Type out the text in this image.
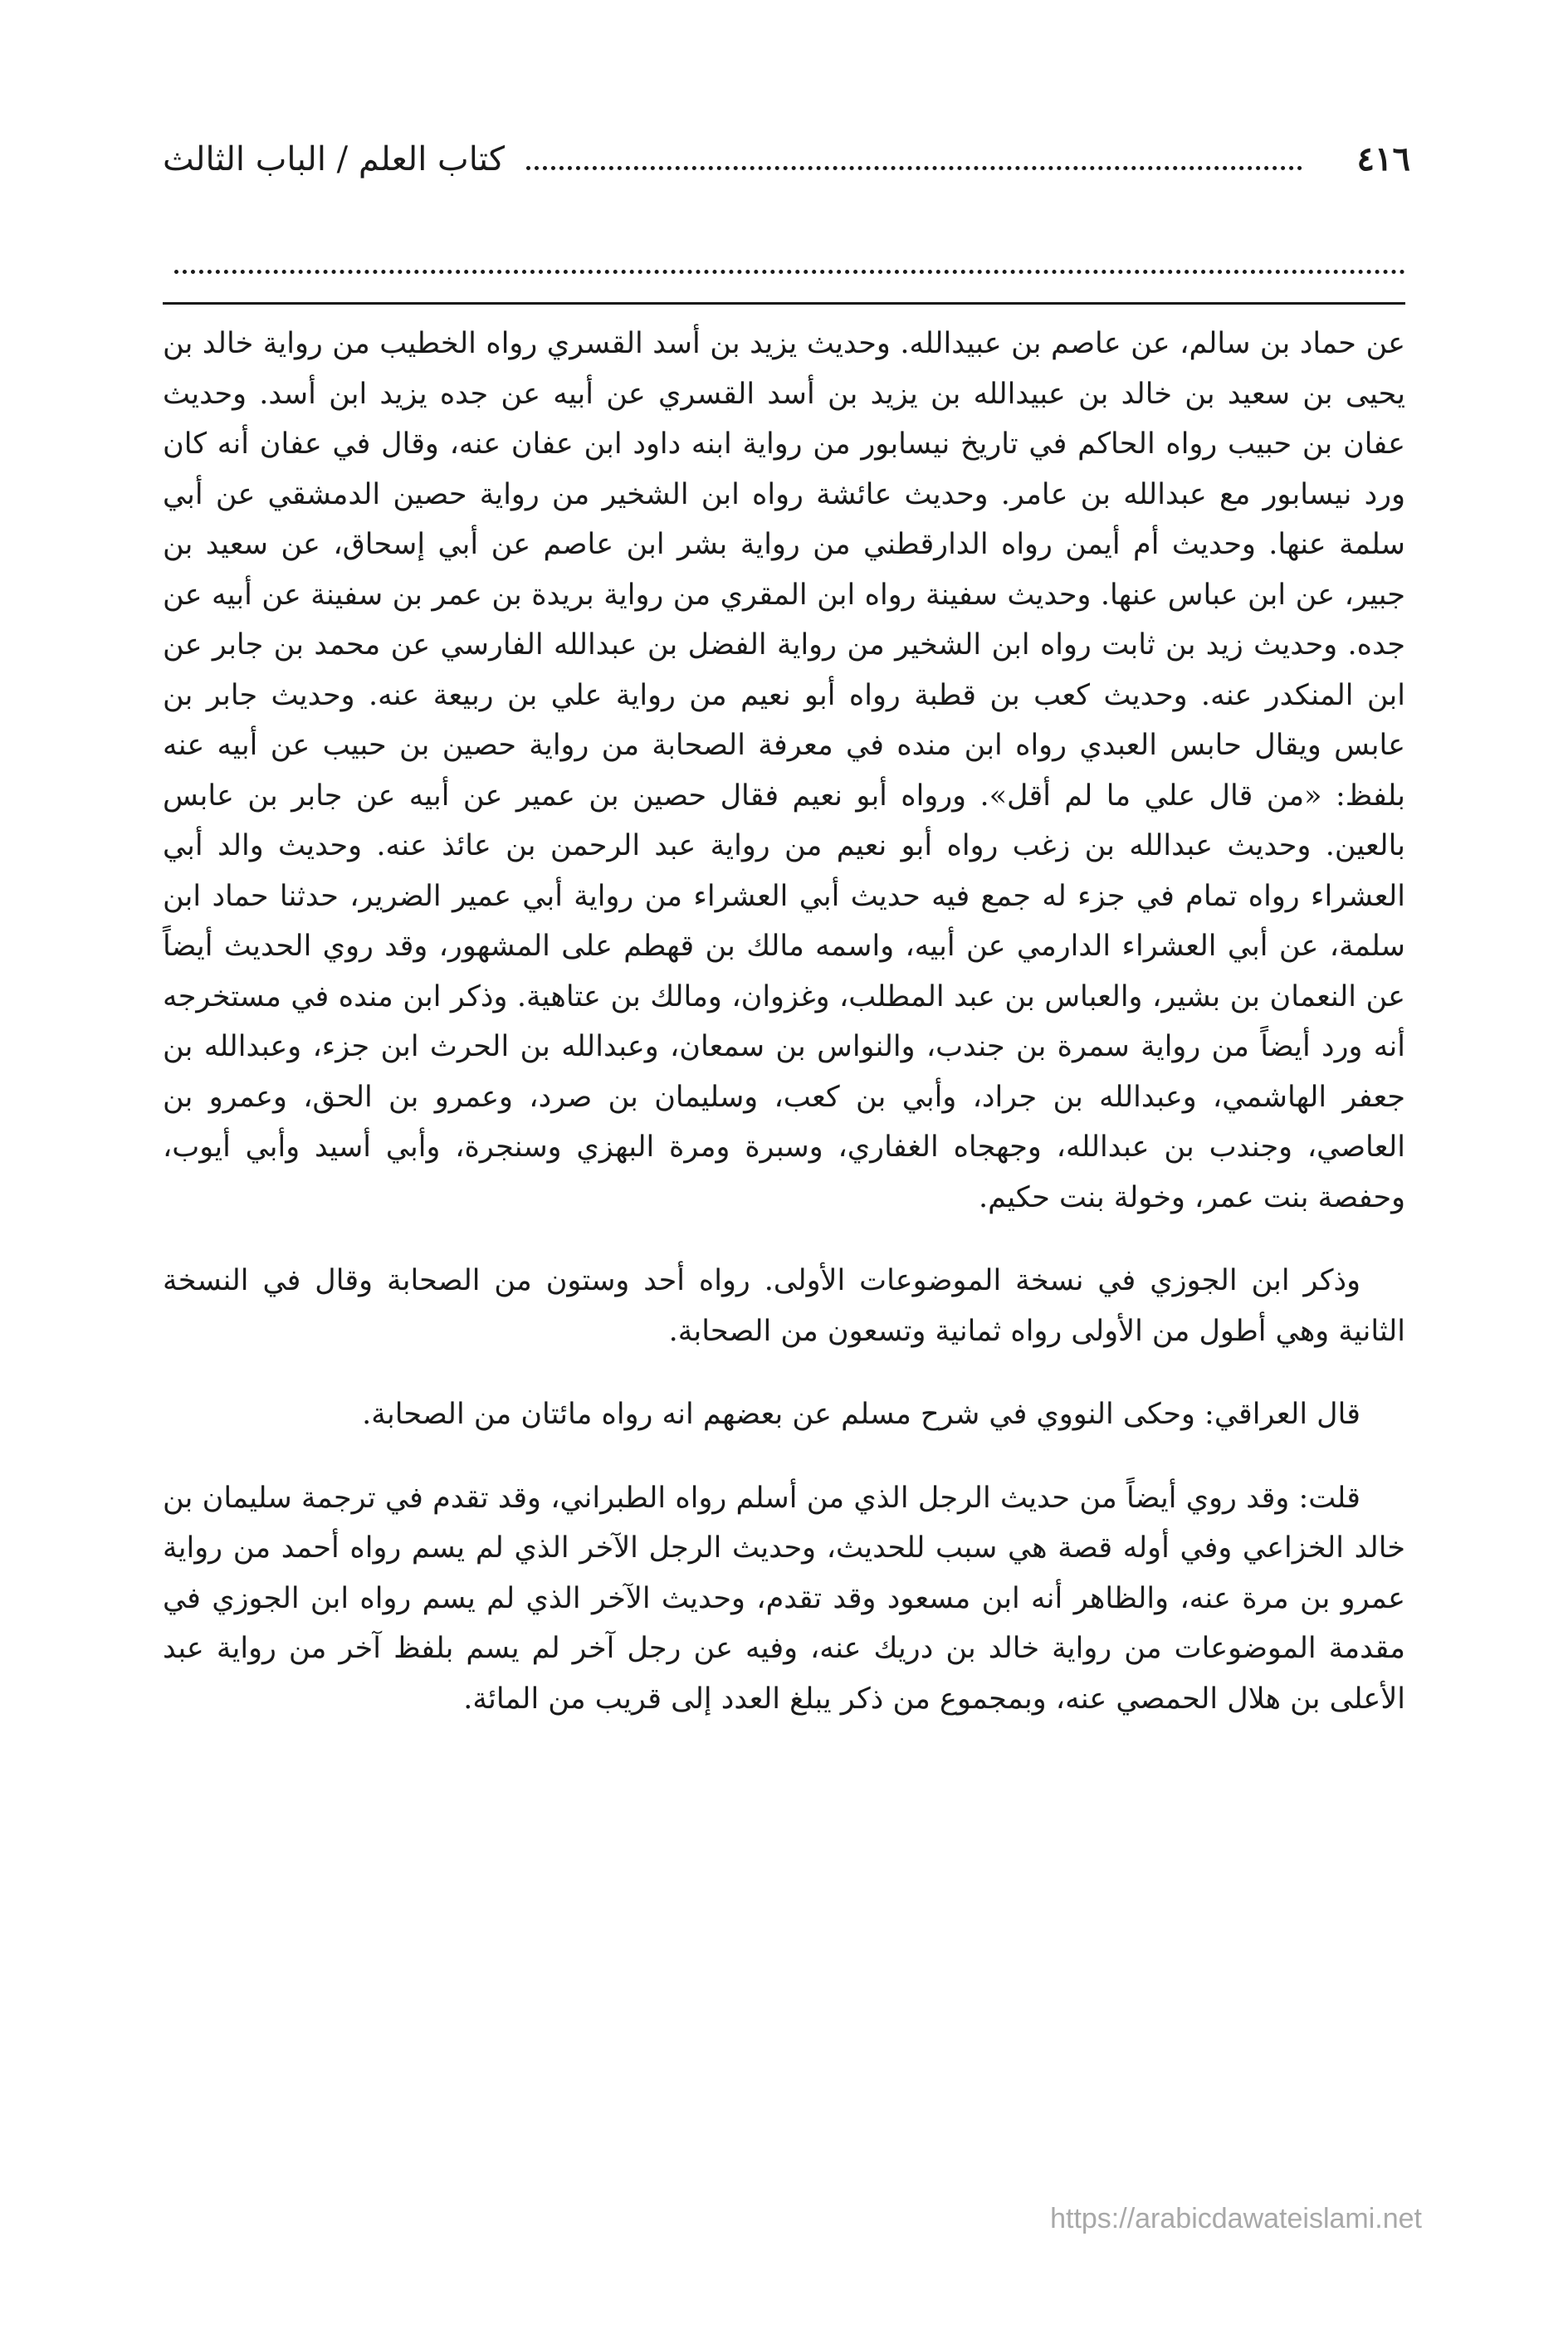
٤١٦
كتاب العلم / الباب الثالث

عن حماد بن سالم، عن عاصم بن عبيدالله. وحديث يزيد بن أسد القسري رواه الخطيب من رواية خالد بن يحيى بن سعيد بن خالد بن عبيدالله بن يزيد بن أسد القسري عن أبيه عن جده يزيد ابن أسد. وحديث عفان بن حبيب رواه الحاكم في تاريخ نيسابور من رواية ابنه داود ابن عفان عنه، وقال في عفان أنه كان ورد نيسابور مع عبدالله بن عامر. وحديث عائشة رواه ابن الشخير من رواية حصين الدمشقي عن أبي سلمة عنها. وحديث أم أيمن رواه الدارقطني من رواية بشر ابن عاصم عن أبي إسحاق، عن سعيد بن جبير، عن ابن عباس عنها. وحديث سفينة رواه ابن المقري من رواية بريدة بن عمر بن سفينة عن أبيه عن جده. وحديث زيد بن ثابت رواه ابن الشخير من رواية الفضل بن عبدالله الفارسي عن محمد بن جابر عن ابن المنكدر عنه. وحديث كعب بن قطبة رواه أبو نعيم من رواية علي بن ربيعة عنه. وحديث جابر بن عابس ويقال حابس العبدي رواه ابن منده في معرفة الصحابة من رواية حصين بن حبيب عن أبيه عنه بلفظ: «من قال علي ما لم أقل». ورواه أبو نعيم فقال حصين بن عمير عن أبيه عن جابر بن عابس بالعين. وحديث عبدالله بن زغب رواه أبو نعيم من رواية عبد الرحمن بن عائذ عنه. وحديث والد أبي العشراء رواه تمام في جزء له جمع فيه حديث أبي العشراء من رواية أبي عمير الضرير، حدثنا حماد ابن سلمة، عن أبي العشراء الدارمي عن أبيه، واسمه مالك بن قهطم على المشهور، وقد روي الحديث أيضاً عن النعمان بن بشير، والعباس بن عبد المطلب، وغزوان، ومالك بن عتاهية. وذكر ابن منده في مستخرجه أنه ورد أيضاً من رواية سمرة بن جندب، والنواس بن سمعان، وعبدالله بن الحرث ابن جزء، وعبدالله بن جعفر الهاشمي، وعبدالله بن جراد، وأبي بن كعب، وسليمان بن صرد، وعمرو بن الحق، وعمرو بن العاصي، وجندب بن عبدالله، وجهجاه الغفاري، وسبرة ومرة البهزي وسنجرة، وأبي أسيد وأبي أيوب، وحفصة بنت عمر، وخولة بنت حكيم.

وذكر ابن الجوزي في نسخة الموضوعات الأولى. رواه أحد وستون من الصحابة وقال في النسخة الثانية وهي أطول من الأولى رواه ثمانية وتسعون من الصحابة.

قال العراقي: وحكى النووي في شرح مسلم عن بعضهم انه رواه مائتان من الصحابة.

قلت: وقد روي أيضاً من حديث الرجل الذي من أسلم رواه الطبراني، وقد تقدم في ترجمة سليمان بن خالد الخزاعي وفي أوله قصة هي سبب للحديث، وحديث الرجل الآخر الذي لم يسم رواه أحمد من رواية عمرو بن مرة عنه، والظاهر أنه ابن مسعود وقد تقدم، وحديث الآخر الذي لم يسم رواه ابن الجوزي في مقدمة الموضوعات من رواية خالد بن دريك عنه، وفيه عن رجل آخر لم يسم بلفظ آخر من رواية عبد الأعلى بن هلال الحمصي عنه، وبمجموع من ذكر يبلغ العدد إلى قريب من المائة.

https://arabicdawateislami.net
